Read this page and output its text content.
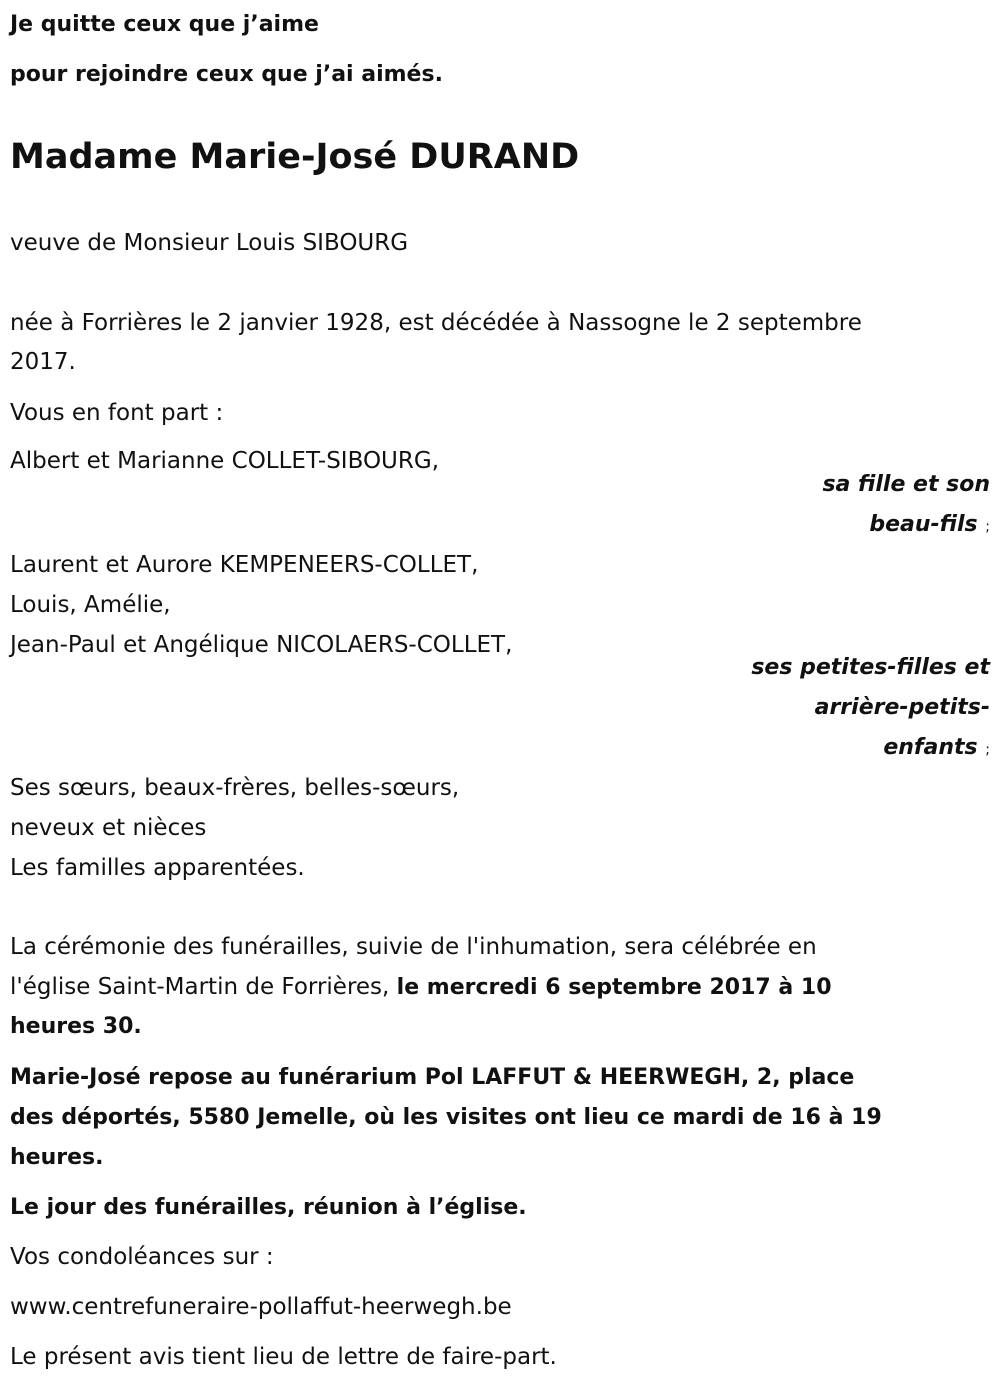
Je quitte ceux que j’aime
pour rejoindre ceux que j’ai aimés.
Madame Marie-José DURAND
veuve de Monsieur Louis SIBOURG
née à Forrières le 2 janvier 1928, est décédée à Nassogne le 2 septembre
2017.
Vous en font part :
Albert et Marianne COLLET-SIBOURG,
sa fille et son
beau-fils ;
Laurent et Aurore KEMPENEERS-COLLET,
Louis, Amélie,
Jean-Paul et Angélique NICOLAERS-COLLET,
ses petites-filles et
arrière-petits-
enfants ;
Ses sœurs, beaux-frères, belles-sœurs,
neveux et nièces
Les familles apparentées.
La cérémonie des funérailles, suivie de l'inhumation, sera célébrée en
l'église Saint-Martin de Forrières, le mercredi 6 septembre 2017 à 10
heures 30.
Marie-José repose au funérarium Pol LAFFUT & HEERWEGH, 2, place
des déportés, 5580 Jemelle, où les visites ont lieu ce mardi de 16 à 19
heures.
Le jour des funérailles, réunion à l’église.
Vos condoléances sur :
www.centrefuneraire-pollaffut-heerwegh.be
Le présent avis tient lieu de lettre de faire-part.
